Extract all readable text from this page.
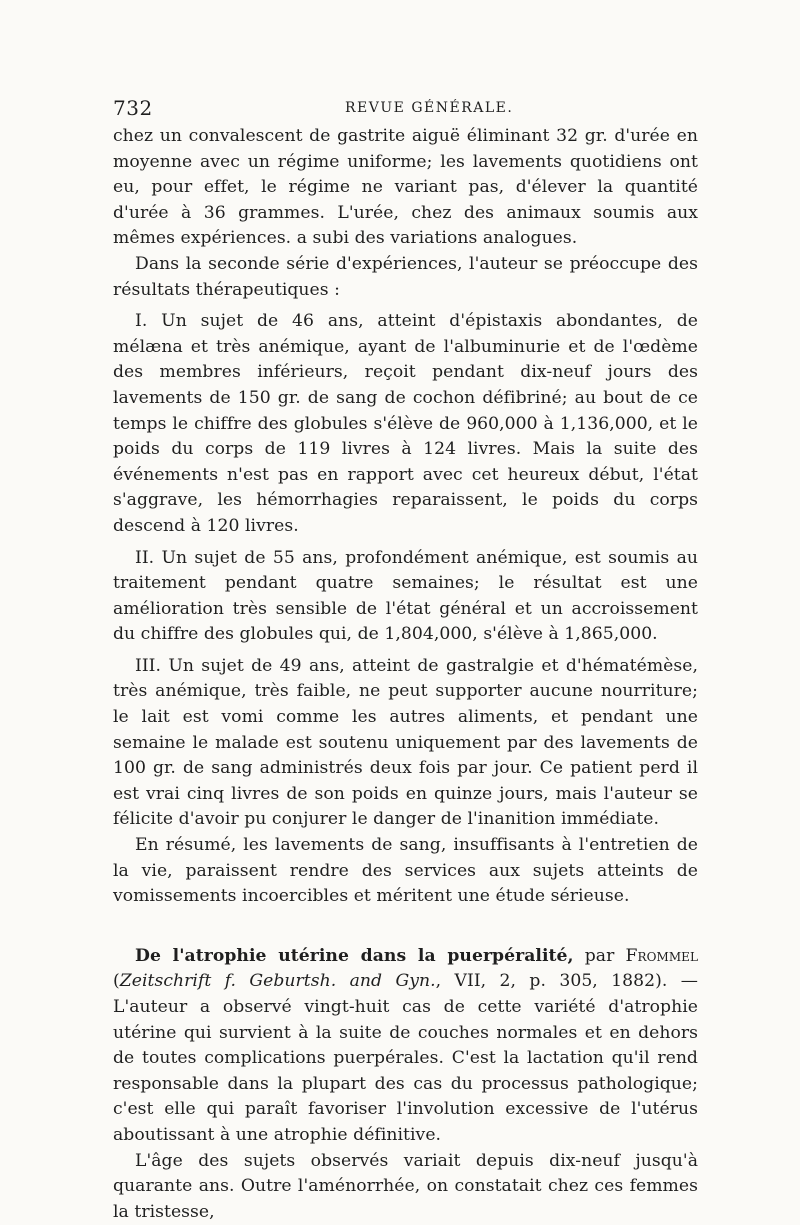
732	REVUE GÉNÉRALE.

chez un convalescent de gastrite aiguë éliminant 32 gr. d'urée en moyenne avec un régime uniforme; les lavements quotidiens ont eu, pour effet, le régime ne variant pas, d'élever la quantité d'urée à 36 grammes. L'urée, chez des animaux soumis aux mêmes expériences. a subi des variations analogues.

Dans la seconde série d'expériences, l'auteur se préoccupe des résultats thérapeutiques :

I. Un sujet de 46 ans, atteint d'épistaxis abondantes, de mélæna et très anémique, ayant de l'albuminurie et de l'œdème des membres inférieurs, reçoit pendant dix-neuf jours des lavements de 150 gr. de sang de cochon défibriné; au bout de ce temps le chiffre des globules s'élève de 960,000 à 1,136,000, et le poids du corps de 119 livres à 124 livres. Mais la suite des événements n'est pas en rapport avec cet heureux début, l'état s'aggrave, les hémorrhagies reparaissent, le poids du corps descend à 120 livres.

II. Un sujet de 55 ans, profondément anémique, est soumis au traitement pendant quatre semaines; le résultat est une amélioration très sensible de l'état général et un accroissement du chiffre des globules qui, de 1,804,000, s'élève à 1,865,000.

III. Un sujet de 49 ans, atteint de gastralgie et d'hématémèse, très anémique, très faible, ne peut supporter aucune nourriture; le lait est vomi comme les autres aliments, et pendant une semaine le malade est soutenu uniquement par des lavements de 100 gr. de sang administrés deux fois par jour. Ce patient perd il est vrai cinq livres de son poids en quinze jours, mais l'auteur se félicite d'avoir pu conjurer le danger de l'inanition immédiate.

En résumé, les lavements de sang, insuffisants à l'entretien de la vie, paraissent rendre des services aux sujets atteints de vomissements incoercibles et méritent une étude sérieuse.

De l'atrophie utérine dans la puerpéralité, par Frommel (Zeitschrift f. Geburtsh. and Gyn., VII, 2, p. 305, 1882). — L'auteur a observé vingt-huit cas de cette variété d'atrophie utérine qui survient à la suite de couches normales et en dehors de toutes complications puerpérales. C'est la lactation qu'il rend responsable dans la plupart des cas du processus pathologique; c'est elle qui paraît favoriser l'involution excessive de l'utérus aboutissant à une atrophie définitive.

L'âge des sujets observés variait depuis dix-neuf jusqu'à quarante ans. Outre l'aménorrhée, on constatait chez ces femmes la tristesse,
